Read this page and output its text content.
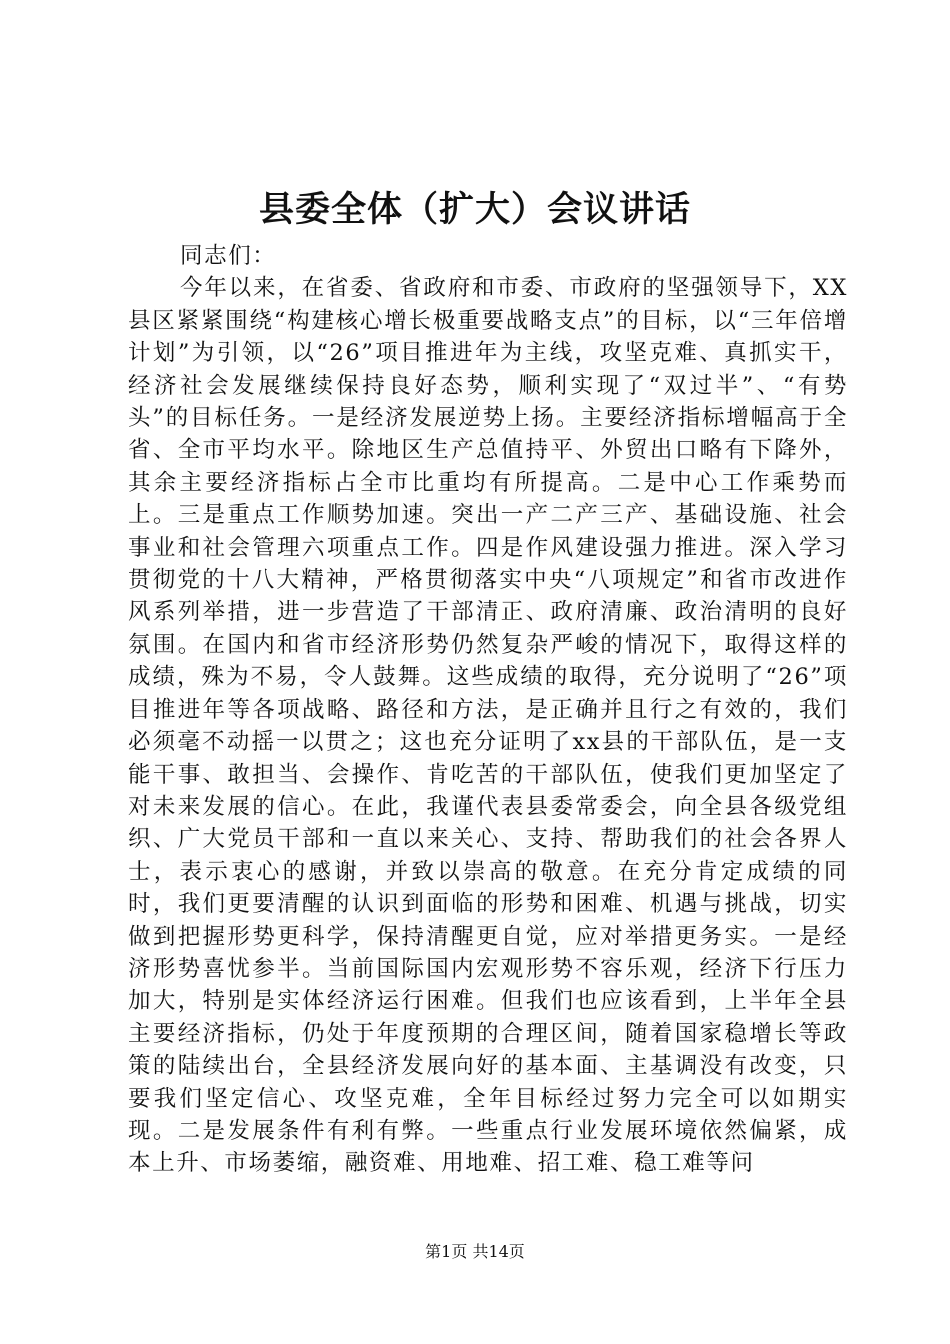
县委全体（扩大）会议讲话

同志们：

今年以来，在省委、省政府和市委、市政府的坚强领导下，XX县区紧紧围绕“构建核心增长极重要战略支点”的目标，以“三年倍增计划”为引领，以“26”项目推进年为主线，攻坚克难、真抓实干，经济社会发展继续保持良好态势，顺利实现了“双过半”、“有势头”的目标任务。一是经济发展逆势上扬。主要经济指标增幅高于全省、全市平均水平。除地区生产总值持平、外贸出口略有下降外，其余主要经济指标占全市比重均有所提高。二是中心工作乘势而上。三是重点工作顺势加速。突出一产二产三产、基础设施、社会事业和社会管理六项重点工作。四是作风建设强力推进。深入学习贯彻党的十八大精神，严格贯彻落实中央“八项规定”和省市改进作风系列举措，进一步营造了干部清正、政府清廉、政治清明的良好氛围。在国内和省市经济形势仍然复杂严峻的情况下，取得这样的成绩，殊为不易，令人鼓舞。这些成绩的取得，充分说明了“26”项目推进年等各项战略、路径和方法，是正确并且行之有效的，我们必须毫不动摇一以贯之；这也充分证明了xx县的干部队伍，是一支能干事、敢担当、会操作、肯吃苦的干部队伍，使我们更加坚定了对未来发展的信心。在此，我谨代表县委常委会，向全县各级党组织、广大党员干部和一直以来关心、支持、帮助我们的社会各界人士，表示衷心的感谢，并致以崇高的敬意。在充分肯定成绩的同时，我们更要清醒的认识到面临的形势和困难、机遇与挑战，切实做到把握形势更科学，保持清醒更自觉，应对举措更务实。一是经济形势喜忧参半。当前国际国内宏观形势不容乐观，经济下行压力加大，特别是实体经济运行困难。但我们也应该看到，上半年全县主要经济指标，仍处于年度预期的合理区间，随着国家稳增长等政策的陆续出台，全县经济发展向好的基本面、主基调没有改变，只要我们坚定信心、攻坚克难，全年目标经过努力完全可以如期实现。二是发展条件有利有弊。一些重点行业发展环境依然偏紧，成本上升、市场萎缩，融资难、用地难、招工难、稳工难等问

第1页 共14页
